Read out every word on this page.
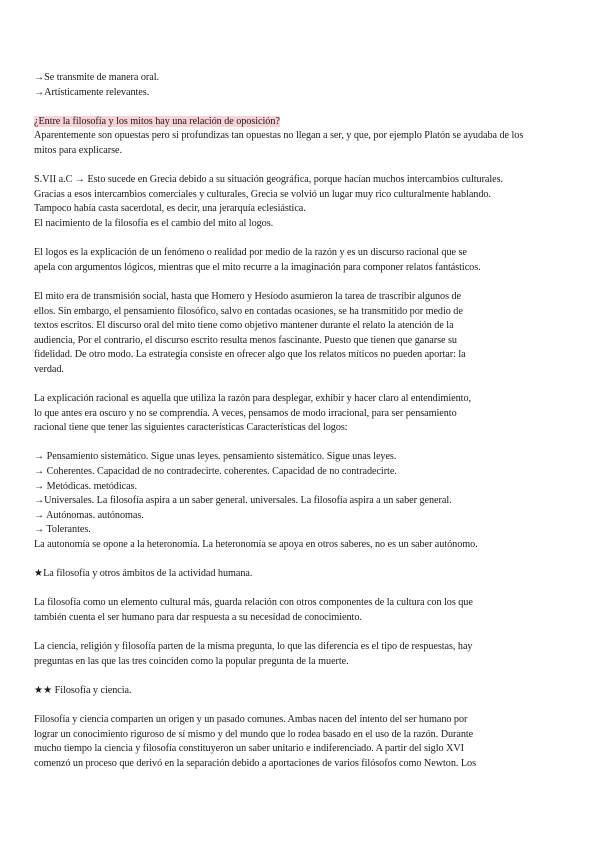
→Se transmite de manera oral.
→Artísticamente relevantes.
¿Entre la filosofía y los mitos hay una relación de oposición?
Aparentemente son opuestas pero si profundizas tan opuestas no llegan a ser, y que, por ejemplo Platón se ayudaba de los
mitos para explicarse.
S.VII a.C → Esto sucede en Grecia debido a su situación geográfica, porque hacían muchos intercambios culturales.
Gracias a esos intercambios comerciales y culturales, Grecia se volvió un lugar muy rico culturalmente hablando.
Tampoco había casta sacerdotal, es decir, una jerarquía eclesiástica.
El nacimiento de la filosofía es el cambio del mito al logos.
El logos es la explicación de un fenómeno o realidad por medio de la razón y es un discurso racional que se
apela con argumentos lógicos, mientras que el mito recurre a la imaginación para componer relatos fantásticos.
El mito era de transmisión social, hasta que Homero y Hesíodo asumieron la tarea de trascribir algunos de
ellos. Sin embargo, el pensamiento filosófico, salvo en contadas ocasiones, se ha transmitido por medio de
textos escritos. El discurso oral del mito tiene como objetivo mantener durante el relato la atención de la
audiencia, Por el contrario, el discurso escrito resulta menos fascinante. Puesto que tienen que ganarse su
fidelidad. De otro modo. La estrategia consiste en ofrecer algo que los relatos míticos no pueden aportar: la
verdad.
La explicación racional es aquella que utiliza la razón para desplegar, exhibir y hacer claro al entendimiento,
lo que antes era oscuro y no se comprendía. A veces, pensamos de modo irracional, para ser pensamiento
racional tiene que tener las siguientes características Características del logos:
→ Pensamiento sistemático. Sigue unas leyes. pensamiento sistemático. Sigue unas leyes.
→ Coherentes. Capacidad de no contradecirte. coherentes. Capacidad de no contradecirte.
→ Metódicas. metódicas.
→Universales. La filosofía aspira a un saber general. universales. La filosofía aspira a un saber general.
→ Autónomas. autónomas.
→ Tolerantes.
La autonomía se opone a la heteronomía. La heteronomía se apoya en otros saberes, no es un saber autónomo.
★La filosofía y otros ámbitos de la actividad humana.
La filosofía como un elemento cultural más, guarda relación con otros componentes de la cultura con los que
también cuenta el ser humano para dar respuesta a su necesidad de conocimiento.
La ciencia, religión y filosofía parten de la misma pregunta, lo que las diferencia es el tipo de respuestas, hay
preguntas en las que las tres coinciden como la popular pregunta de la muerte.
★★ Filosofía y ciencia.
Filosofía y ciencia comparten un origen y un pasado comunes. Ambas nacen del intento del ser humano por
lograr un conocimiento riguroso de sí mismo y del mundo que lo rodea basado en el uso de la razón. Durante
mucho tiempo la ciencia y filosofía constituyeron un saber unitario e indiferenciado. A partir del siglo XVI
comenzó un proceso que derivó en la separación debido a aportaciones de varios filósofos como Newton. Los
